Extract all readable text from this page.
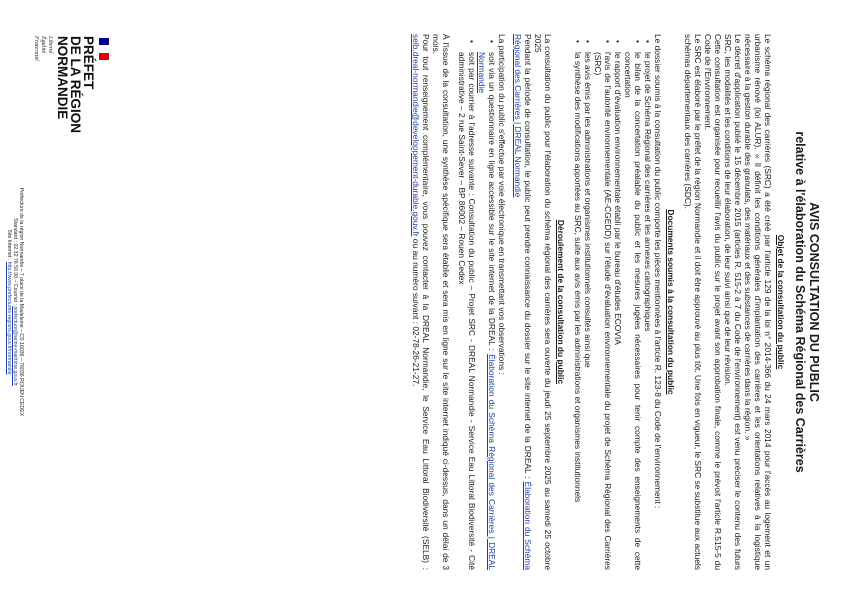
PRÉFET
DE LA RÉGION
NORMANDIE
Liberté
Égalité
Fraternité
AVIS CONSULTATION DU PUBLIC
relative à l'élaboration du Schéma Régional des Carrières
Objet de la consultation du public

Le schéma régional des carrières (SRC) a été créé par l'article 129 de la loi n° 2014-366 du 24 mars 2014 pour l'accès au logement et un urbanisme rénové (loi ALUR). « Il définit les conditions générales d'implantation des carrières et les orientations relatives à la logistique nécessaire à la gestion durable des granulats, des matériaux et des substances de carrières dans la région. »

Le décret d'application publié le 15 décembre 2015 (articles R. 515-2 à 7 du Code de l'environnement) est venu préciser le contenu des futurs SRC, les modalités et les conditions de leur élaboration, de leur suivi ainsi que de leur révision.

Cette consultation est organisée pour recueillir l'avis du public sur le projet avant son approbation finale, comme le prévoit l'article R.515-5 du Code de l'Environnement.

Le SRC est élaboré par le préfet de la région Normandie et il doit être approuvé au plus tôt. Une fois en vigueur, le SRC se substitue aux actuels schémas départementaux des carrières (SDC).

Documents soumis à la consultation du public

Le dossier soumis à la consultation du public comporte les pièces mentionnées à l'article R. 123-8 du Code de l'environnement :

• le projet de Schéma Régional des carrières et les annexes cartographiques
• le bilan de la concertation préalable du public et les mesures jugées nécessaires pour tenir compte des enseignements de cette concertation
• le rapport d'évaluation environnementale établi par le bureau d'études ECOVIA
• l'avis de l'autorité environnementale (AE-CGEDD) sur l'étude d'évaluation environnementale du projet de Schéma Régional des Carrières (SRC)
• les avis émis par les administrations et organismes institutionnels consultés ainsi que
• la synthèse des modifications apportées au SRC, suite aux avis émis par les administrations et organismes institutionnels
Déroulement de la consultation du public

La consultation du public pour l'élaboration du schéma régional des carrières sera ouverte du jeudi 25 septembre 2025 au samedi 25 octobre 2025

Pendant la période de consultation, le public peut prendre connaissance du dossier sur le site internet de la DREAL : Élaboration du Schéma Régional des Carrières | DREAL Normandie

La participation du public s'effectue par voie électronique en transmettant vos observations :

• soit via un questionnaire en ligne accessible sur le site internet de la DREAL : Élaboration du Schéma Régional des Carrières | DREAL Normandie
• soit par courrier à l'adresse suivante : Consultation du public – Projet SRC - DREAL Normandie - Service Eau Littoral Biodiversité - Cité administrative – 2 rue Saint-Sever – BP 86002 – Rouen Cedex

À l'issue de la consultation, une synthèse spécifique sera établie et sera mis en ligne sur le site internet indiqué ci-dessus, dans un délai de 3 mois.

Pour tout renseignement complémentaire, vous pouvez contacter à la DREAL Normandie, le Service Eau Littoral Biodiversité (SELB) : selb.dreal-normandie@developpement-durable.gouv.fr ou au numéro suivant : 02-78-26-21-27.

Préfecture de la région Normandie – 7 place de la Madeleine – CS 16036 – 76036 ROUEN CEDEX
Standard : 02 32 76 50 00 – Courriel : prefecture@seine-maritime.gouv.fr
Site Internet : http://www.prefectures-regions.gouv.fr/normandie
